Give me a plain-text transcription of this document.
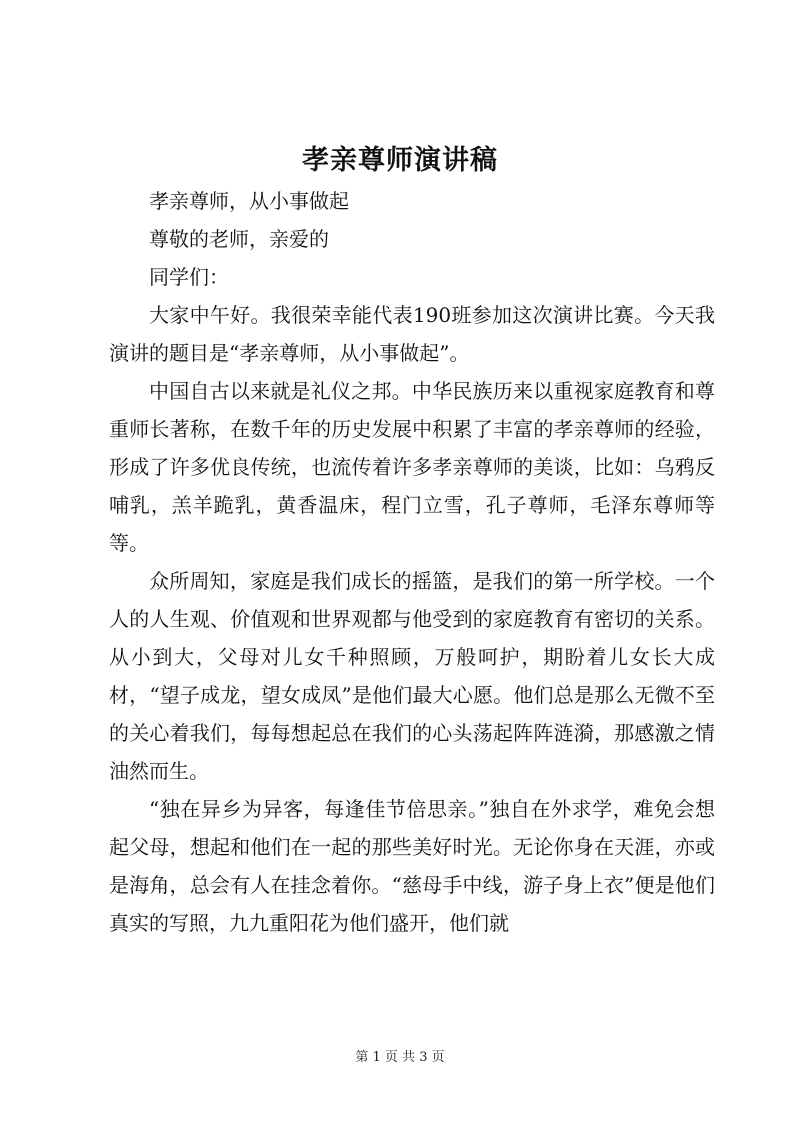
孝亲尊师演讲稿

孝亲尊师，从小事做起

尊敬的老师，亲爱的

同学们：

大家中午好。我很荣幸能代表190班参加这次演讲比赛。今天我演讲的题目是“孝亲尊师，从小事做起”。

中国自古以来就是礼仪之邦。中华民族历来以重视家庭教育和尊重师长著称，在数千年的历史发展中积累了丰富的孝亲尊师的经验，形成了许多优良传统，也流传着许多孝亲尊师的美谈，比如：乌鸦反哺乳，羔羊跪乳，黄香温床，程门立雪，孔子尊师，毛泽东尊师等等。

众所周知，家庭是我们成长的摇篮，是我们的第一所学校。一个人的人生观、价值观和世界观都与他受到的家庭教育有密切的关系。从小到大，父母对儿女千种照顾，万般呵护，期盼着儿女长大成材，“望子成龙，望女成凤”是他们最大心愿。他们总是那么无微不至的关心着我们，每每想起总在我们的心头荡起阵阵涟漪，那感激之情油然而生。

“独在异乡为异客，每逢佳节倍思亲。”独自在外求学，难免会想起父母，想起和他们在一起的那些美好时光。无论你身在天涯，亦或是海角，总会有人在挂念着你。“慈母手中线，游子身上衣”便是他们真实的写照，九九重阳花为他们盛开，他们就

第 1 页 共 3 页
